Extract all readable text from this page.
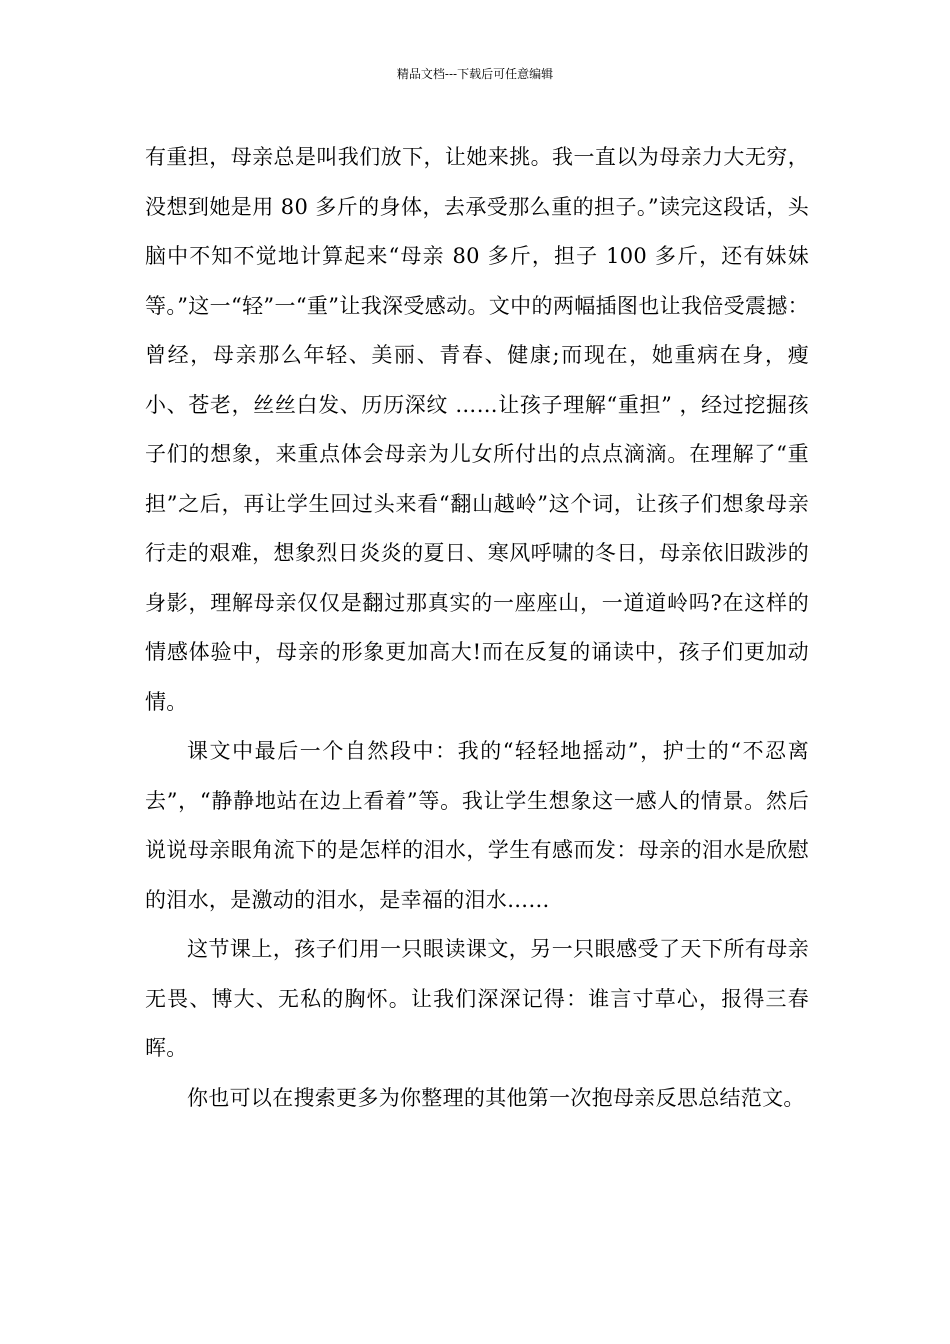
精品文档---下载后可任意编辑

有重担，母亲总是叫我们放下，让她来挑。我一直以为母亲力大无穷，没想到她是用 80 多斤的身体，去承受那么重的担子。”读完这段话，头脑中不知不觉地计算起来“母亲 80 多斤，担子 100 多斤，还有妹妹等。”这一“轻”一“重”让我深受感动。文中的两幅插图也让我倍受震撼：曾经，母亲那么年轻、美丽、青春、健康;而现在，她重病在身，瘦小、苍老，丝丝白发、历历深纹 ……让孩子理解“重担” ，经过挖掘孩子们的想象，来重点体会母亲为儿女所付出的点点滴滴。在理解了“重担”之后，再让学生回过头来看“翻山越岭”这个词，让孩子们想象母亲行走的艰难，想象烈日炎炎的夏日、寒风呼啸的冬日，母亲依旧跋涉的身影，理解母亲仅仅是翻过那真实的一座座山，一道道岭吗?在这样的情感体验中，母亲的形象更加高大!而在反复的诵读中，孩子们更加动情。

课文中最后一个自然段中：我的“轻轻地摇动”，护士的“不忍离去”，“静静地站在边上看着”等。我让学生想象这一感人的情景。然后说说母亲眼角流下的是怎样的泪水，学生有感而发：母亲的泪水是欣慰的泪水，是激动的泪水，是幸福的泪水……

这节课上，孩子们用一只眼读课文，另一只眼感受了天下所有母亲无畏、博大、无私的胸怀。让我们深深记得：谁言寸草心，报得三春晖。

你也可以在搜索更多为你整理的其他第一次抱母亲反思总结范文。
